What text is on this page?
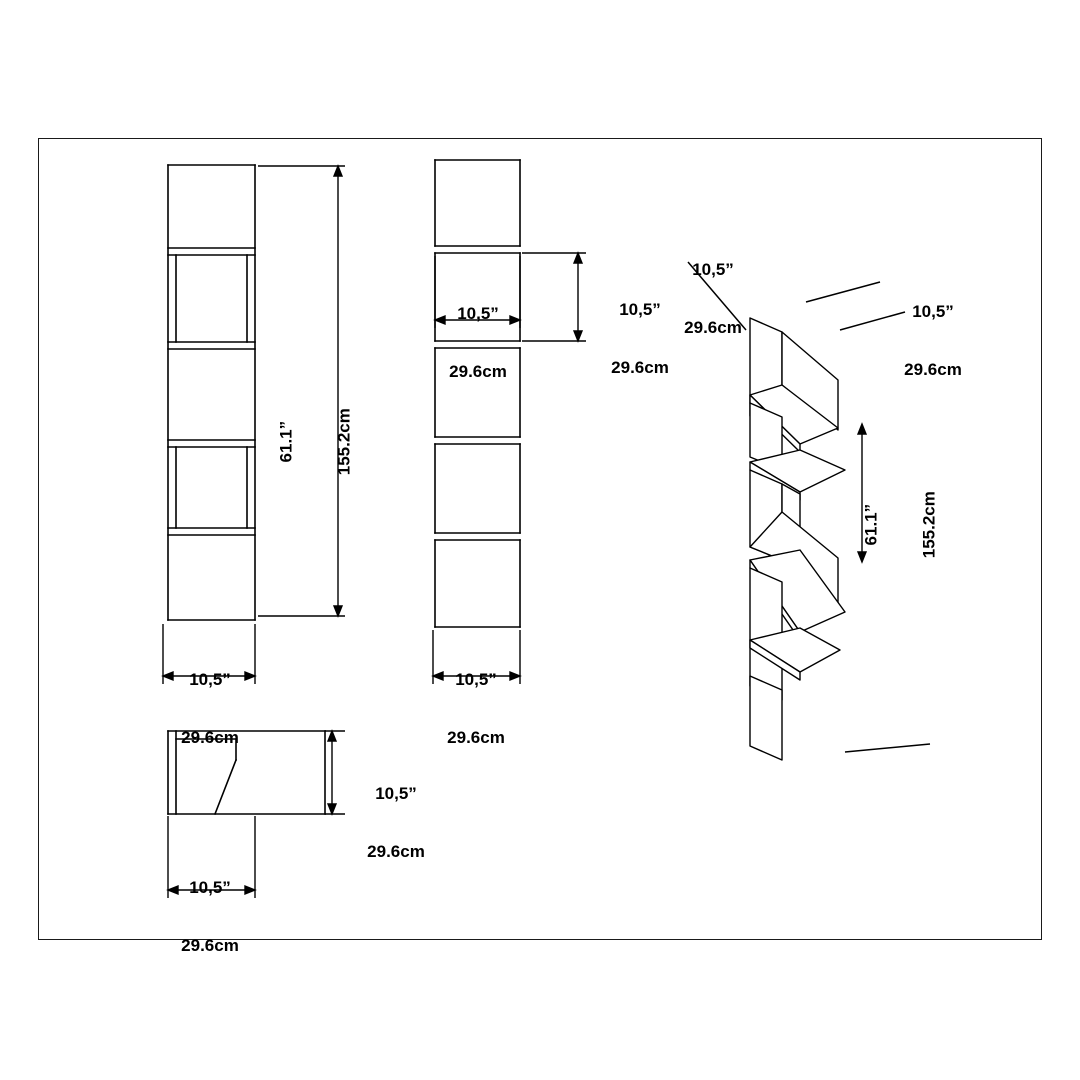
61.1”

155.2cm

10,5”

29.6cm

10,5”

29.6cm

10,5”

29.6cm

10,5”

29.6cm

10,5”

29.6cm

10,5”

29.6cm

10,5”

29.6cm

10,5”

29.6cm

61.1”

155.2cm
